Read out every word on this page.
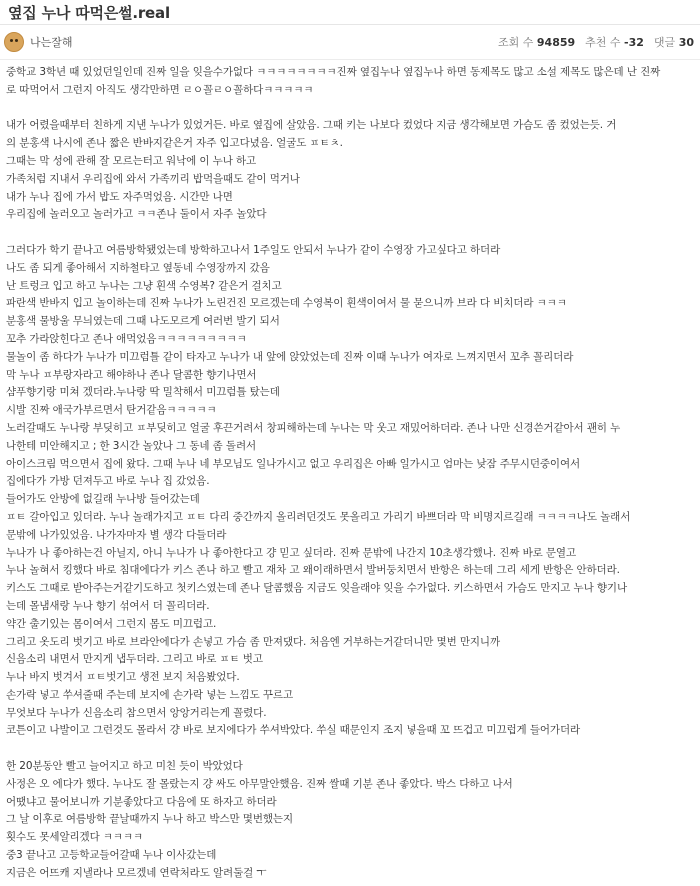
옆집 누나 따먹은썰.real
나는잘해	조회 수 94859 추천 수 -32 댓글 30

중학교 3학년 때 있었던일인데 진짜 일을 잊을수가없다 ㅋㅋㅋㅋㅋㅋㅋㅋ진짜 옆집누나 옆집누나 하면 동제목도 많고 소설 제목도 많은데 난 진짜

로 따먹어서 그런지 아직도 생각만하면 ㄹㅇ꼴ㄹㅇ꼴하다ㅋㅋㅋㅋㅋ

내가 어렸을때부터 친하게 지낸 누나가 있었거든. 바로 옆집에 살았음. 그때 키는 나보다 컸었다 지금 생각해보면 가슴도 좀 컸었는듯. 거

의 분홍색 나시에 존나 짧은 반바지같은거 자주 입고다녔음. 얼굴도 ㅍㅌㅊ.

그때는 막 성에 관해 잘 모르는터고 워낙에 이 누나 하고

가족처럼 지내서 우리집에 와서 가족끼리 밥먹을때도 같이 먹거나

내가 누나 집에 가서 밥도 자주먹었음. 시간만 나면

우리집에 놀러오고 놀러가고 ㅋㅋ존나 둘이서 자주 놀았다

그러다가 학기 끝나고 여름방학됐었는데 방학하고나서 1주일도 안되서 누나가 같이 수영장 가고싶다고 하더라

나도 좀 되게 좋아해서 지하철타고 옆동네 수영장까지 갔음

난 트렁크 입고 하고 누나는 그냥 흰색 수영복? 같은거 걸치고

파란색 반바지 입고 놀이하는데 진짜 누나가 노린건진 모르겠는데 수영복이 흰색이여서 물 묻으니까 브라 다 비치더라 ㅋㅋㅋ

분홍색 물방울 무늬였는데 그때 나도모르게 여러번 발기 되서

꼬추 가라앉힌다고 존나 애먹었음ㅋㅋㅋㅋㅋㅋㅋㅋㅋ

물놀이 좀 하다가 누나가 미끄럼틀 같이 타자고 누나가 내 앞에 앉았었는데 진짜 이때 누나가 여자로 느껴지면서 꼬추 꼴리더라

막 누나 ㅍ부랑자라고 해야하나 존나 달콤한 향기나면서

샴푸향기랑 미쳐 겠더라.누나랑 딱 밀착해서 미끄럼틀 탔는데

시발 진짜 애국가부르면서 탄거같음ㅋㅋㅋㅋㅋ

노러갈때도 누나랑 부딪히고 ㅍ부딪히고 얼굴 후끈거려서 창피해하는데 누나는 막 웃고 재밌어하더라. 존나 나만 신경쓴거같아서 괜히 누

나한테 미안해지고 ; 한 3시간 놀았나 그 동네 좀 돌려서

아이스크림 먹으면서 집에 왔다. 그때 누나 네 부모님도 일나가시고 없고 우리집은 아빠 일가시고 엄마는 낮잠 주무시던중이여서

집에다가 가방 던져두고 바로 누나 집 갔었음.

들어가도 안방에 없길래 누나방 들어갔는데

ㅍㅌ 갈아입고 있더라. 누나 놀래가지고 ㅍㅌ 다리 중간까지 올리려던것도 못올리고 가리기 바쁘더라 막 비명지르길래 ㅋㅋㅋㅋ나도 놀래서

문밖에 나가있었음. 나가자마자 별 생각 다들더라

누나가 나 좋아하는건 아닐지, 아니 누나가 나 좋아한다고 걍 믿고 싶더라. 진짜 문밖에 나간지 10초생각했나. 진짜 바로 문열고

누나 놀혀서 킹했다 바로 침대에다가 키스 존나 하고 빨고 재차 고 왜이래하면서 발버둥치면서 반항은 하는데 그리 세게 반항은 안하더라.

키스도 그때로 받아주는거같기도하고 첫키스였는데 존나 달콤했음 지금도 잊을래야 잊을 수가없다. 키스하면서 가슴도 만지고 누나 향기나

는데 몰냄새랑 누나 향기 섞여서 더 꼴리더라.

약간 출기있는 몸이여서 그런지 몸도 미끄럽고.

그리고 옷도리 벗기고 바로 브라안에다가 손넣고 가슴 좀 만져댔다. 처음엔 거부하는거같더니만 몇번 만지니까

신음소리 내면서 만지게 냅두더라. 그리고 바로 ㅍㅌ 벗고

누나 바지 벗겨서 ㅍㅌ벗기고 생전 보지 처음봤었다.

손가락 넣고 쑤셔줄때 주는데 보지에 손가락 넣는 느낌도 꾸르고

무엇보다 누나가 신음소리 참으면서 앙앙거리는게 꼴렸다.

코튼이고 나발이고 그런것도 몰라서 걍 바로 보지에다가 쑤셔박았다. 쑤실 때문인지 조지 넣을때 꼬 뜨겁고 미끄럽게 들어가더라

한 20분동안 빨고 늘어지고 하고 미친 듯이 박았었다

사정은 오 에다가 했다. 누나도 잘 몰랐는지 걍 싸도 아무말안했음. 진짜 쌀때 기분 존나 좋았다. 박스 다하고 나서

어땠냐고 물어보니까 기분좋았다고 다음에 또 하자고 하더라

그 날 이후로 여름방학 끝날때까지 누나 하고 박스만 몇번했는지

횟수도 못세알리겠다 ㅋㅋㅋㅋ

중3 끝나고 고등학교들어갈때 누나 이사갔는데

지금은 어뜨캐 지낼라나 모르겠네 연락처라도 알려둘걸 ㅜ
